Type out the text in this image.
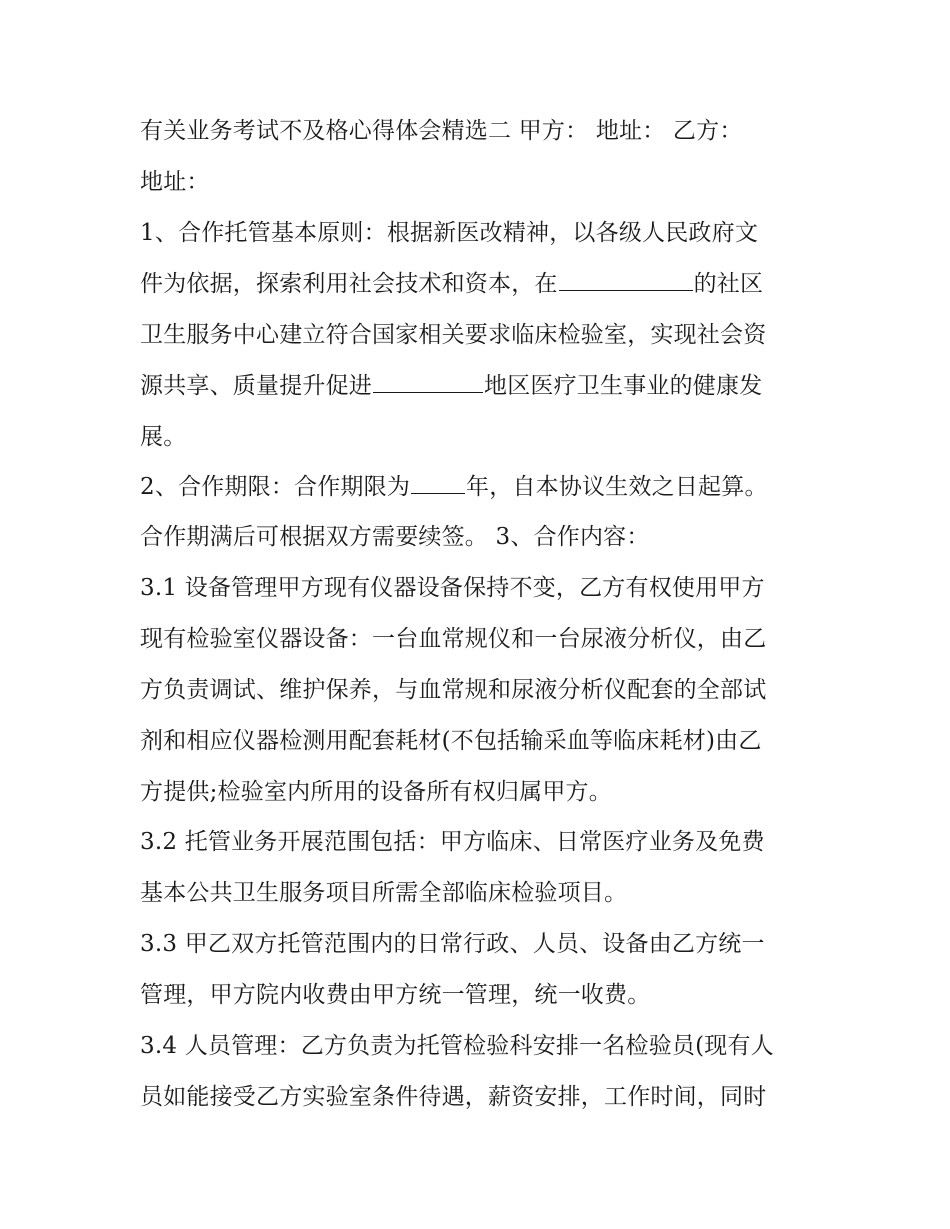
有关业务考试不及格心得体会精选二 甲方： 地址： 乙方：
地址：
1、合作托管基本原则：根据新医改精神，以各级人民政府文
件为依据，探索利用社会技术和资本，在	的社区
卫生服务中心建立符合国家相关要求临床检验室，实现社会资
源共享、质量提升促进	地区医疗卫生事业的健康发
展。
2、合作期限：合作期限为 年，自本协议生效之日起算。
合作期满后可根据双方需要续签。 3、合作内容：
3.1 设备管理甲方现有仪器设备保持不变，乙方有权使用甲方
现有检验室仪器设备：一台血常规仪和一台尿液分析仪，由乙
方负责调试、维护保养，与血常规和尿液分析仪配套的全部试
剂和相应仪器检测用配套耗材(不包括输采血等临床耗材)由乙
方提供;检验室内所用的设备所有权归属甲方。
3.2 托管业务开展范围包括：甲方临床、日常医疗业务及免费
基本公共卫生服务项目所需全部临床检验项目。
3.3 甲乙双方托管范围内的日常行政、人员、设备由乙方统一
管理，甲方院内收费由甲方统一管理，统一收费。
3.4 人员管理：乙方负责为托管检验科安排一名检验员(现有人
员如能接受乙方实验室条件待遇，薪资安排，工作时间，同时
